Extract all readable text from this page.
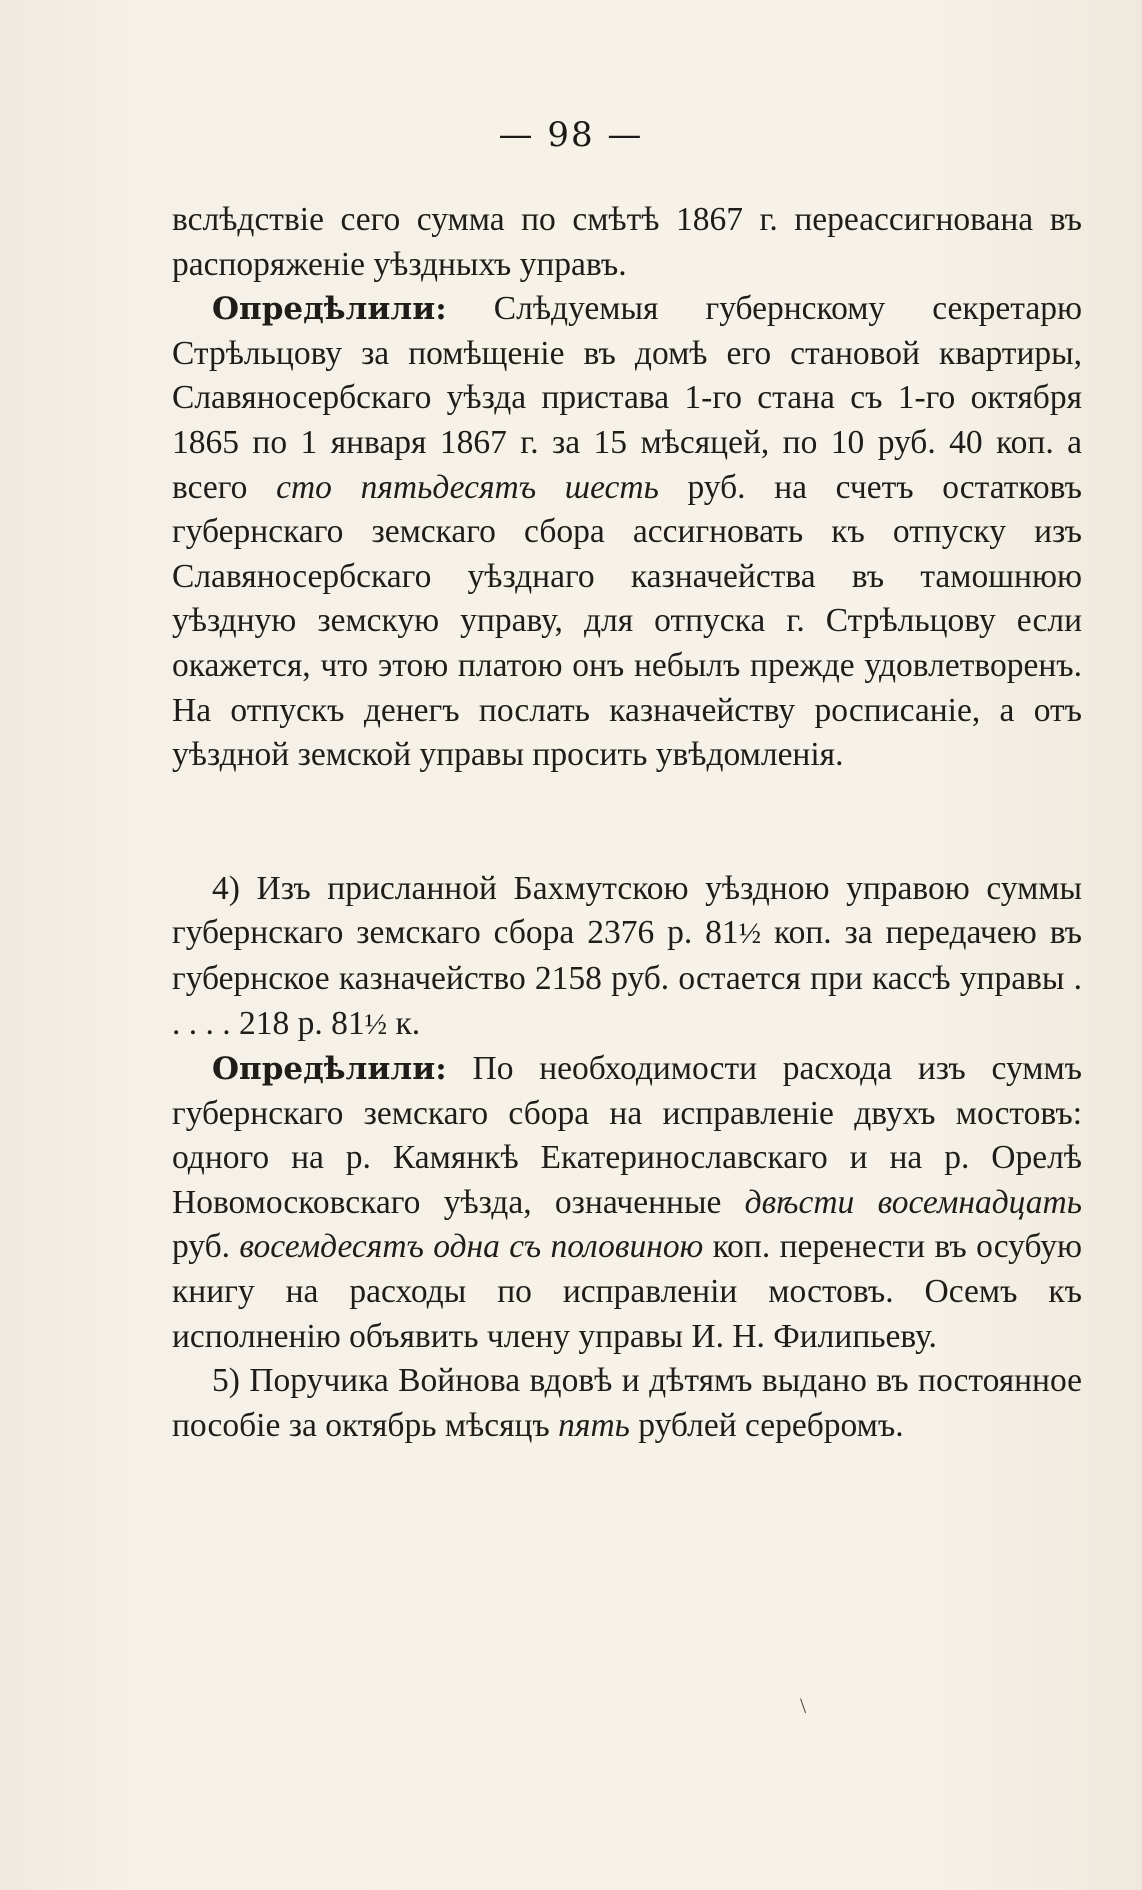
— 98 —

вслѣдствіе сего сумма по смѣтѣ 1867 г. переассигнована въ распоряженіе уѣздныхъ управъ.

Опредѣлили: Слѣдуемыя губернскому секретарю Стрѣльцову за помѣщеніе въ домѣ его становой квартиры, Славяносербскаго уѣзда пристава 1-го стана съ 1-го октября 1865 по 1 января 1867 г. за 15 мѣсяцей, по 10 руб. 40 коп. а всего сто пятьдесятъ шесть руб. на счетъ остатковъ губернскаго земскаго сбора ассигновать къ отпуску изъ Славяносербскаго уѣзднаго казначейства въ тамошнюю уѣздную земскую управу, для отпуска г. Стрѣльцову если окажется, что этою платою онъ небылъ прежде удовлетворенъ. На отпускъ денегъ послать казначейству росписаніе, а отъ уѣздной земской управы просить увѣдомленія.

4) Изъ присланной Бахмутскою уѣздною управою суммы губернскаго земскаго сбора 2376 р. 81½ коп. за передачею въ губернское казначейство 2158 руб. остается при кассѣ управы . . . . . 218 р. 81½ к.

Опредѣлили: По необходимости расхода изъ суммъ губернскаго земскаго сбора на исправленіе двухъ мостовъ: одного на р. Камянкѣ Екатеринославскаго и на р. Орелѣ Новомосковскаго уѣзда, означенные двѣсти восемнадцать руб. восемдесятъ одна съ половиною коп. перенести въ осубую книгу на расходы по исправленіи мостовъ. Осемъ къ исполненію объявить члену управы И. Н. Филипьеву.

5) Поручика Войнова вдовѣ и дѣтямъ выдано въ постоянное пособіе за октябрь мѣсяцъ пять рублей серебромъ.

\
